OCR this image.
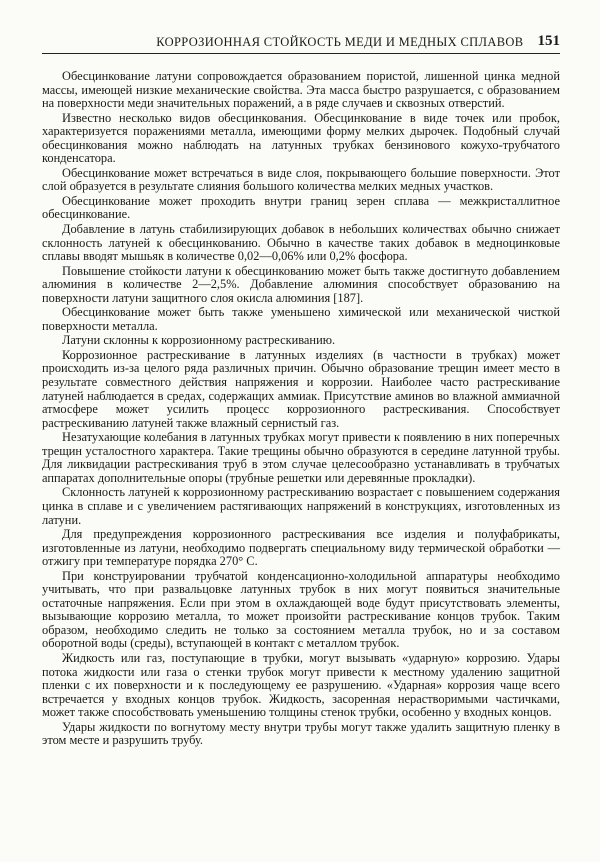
КОРРОЗИОННАЯ СТОЙКОСТЬ МЕДИ И МЕДНЫХ СПЛАВОВ 151

Обесцинкование латуни сопровождается образованием пористой, лишенной цинка медной массы, имеющей низкие механические свойства. Эта масса быстро разрушается, с образованием на поверхности меди значительных поражений, а в ряде случаев и сквозных отверстий.

Известно несколько видов обесцинкования. Обесцинкование в виде точек или пробок, характеризуется поражениями металла, имеющими форму мелких дырочек. Подобный случай обесцинкования можно наблюдать на латунных трубках бензинового кожухо-трубчатого конденсатора.

Обесцинкование может встречаться в виде слоя, покрывающего большие поверхности. Этот слой образуется в результате слияния большого количества мелких медных участков.

Обесцинкование может проходить внутри границ зерен сплава — межкристаллитное обесцинкование.

Добавление в латунь стабилизирующих добавок в небольших количествах обычно снижает склонность латуней к обесцинкованию. Обычно в качестве таких добавок в медноцинковые сплавы вводят мышьяк в количестве 0,02—0,06% или 0,2% фосфора.

Повышение стойкости латуни к обесцинкованию может быть также достигнуто добавлением алюминия в количестве 2—2,5%. Добавление алюминия способствует образованию на поверхности латуни защитного слоя окисла алюминия [187].

Обесцинкование может быть также уменьшено химической или механической чисткой поверхности металла.

Латуни склонны к коррозионному растрескиванию.

Коррозионное растрескивание в латунных изделиях (в частности в трубках) может происходить из-за целого ряда различных причин. Обычно образование трещин имеет место в результате совместного действия напряжения и коррозии. Наиболее часто растрескивание латуней наблюдается в средах, содержащих аммиак. Присутствие аминов во влажной аммиачной атмосфере может усилить процесс коррозионного растрескивания. Способствует растрескиванию латуней также влажный сернистый газ.

Незатухающие колебания в латунных трубках могут привести к появлению в них поперечных трещин усталостного характера. Такие трещины обычно образуются в середине латунной трубы. Для ликвидации растрескивания труб в этом случае целесообразно устанавливать в трубчатых аппаратах дополнительные опоры (трубные решетки или деревянные прокладки).

Склонность латуней к коррозионному растрескиванию возрастает с повышением содержания цинка в сплаве и с увеличением растягивающих напряжений в конструкциях, изготовленных из латуни.

Для предупреждения коррозионного растрескивания все изделия и полуфабрикаты, изготовленные из латуни, необходимо подвергать специальному виду термической обработки — отжигу при температуре порядка 270° С.

При конструировании трубчатой конденсационно-холодильной аппаратуры необходимо учитывать, что при развальцовке латунных трубок в них могут появиться значительные остаточные напряжения. Если при этом в охлаждающей воде будут присутствовать элементы, вызывающие коррозию металла, то может произойти растрескивание концов трубок. Таким образом, необходимо следить не только за состоянием металла трубок, но и за составом оборотной воды (среды), вступающей в контакт с металлом трубок.

Жидкость или газ, поступающие в трубки, могут вызывать «ударную» коррозию. Удары потока жидкости или газа о стенки трубок могут привести к местному удалению защитной пленки с их поверхности и к последующему ее разрушению. «Ударная» коррозия чаще всего встречается у входных концов трубок. Жидкость, засоренная нерастворимыми частичками, может также способствовать уменьшению толщины стенок трубки, особенно у входных концов.

Удары жидкости по вогнутому месту внутри трубы могут также удалить защитную пленку в этом месте и разрушить трубу.
